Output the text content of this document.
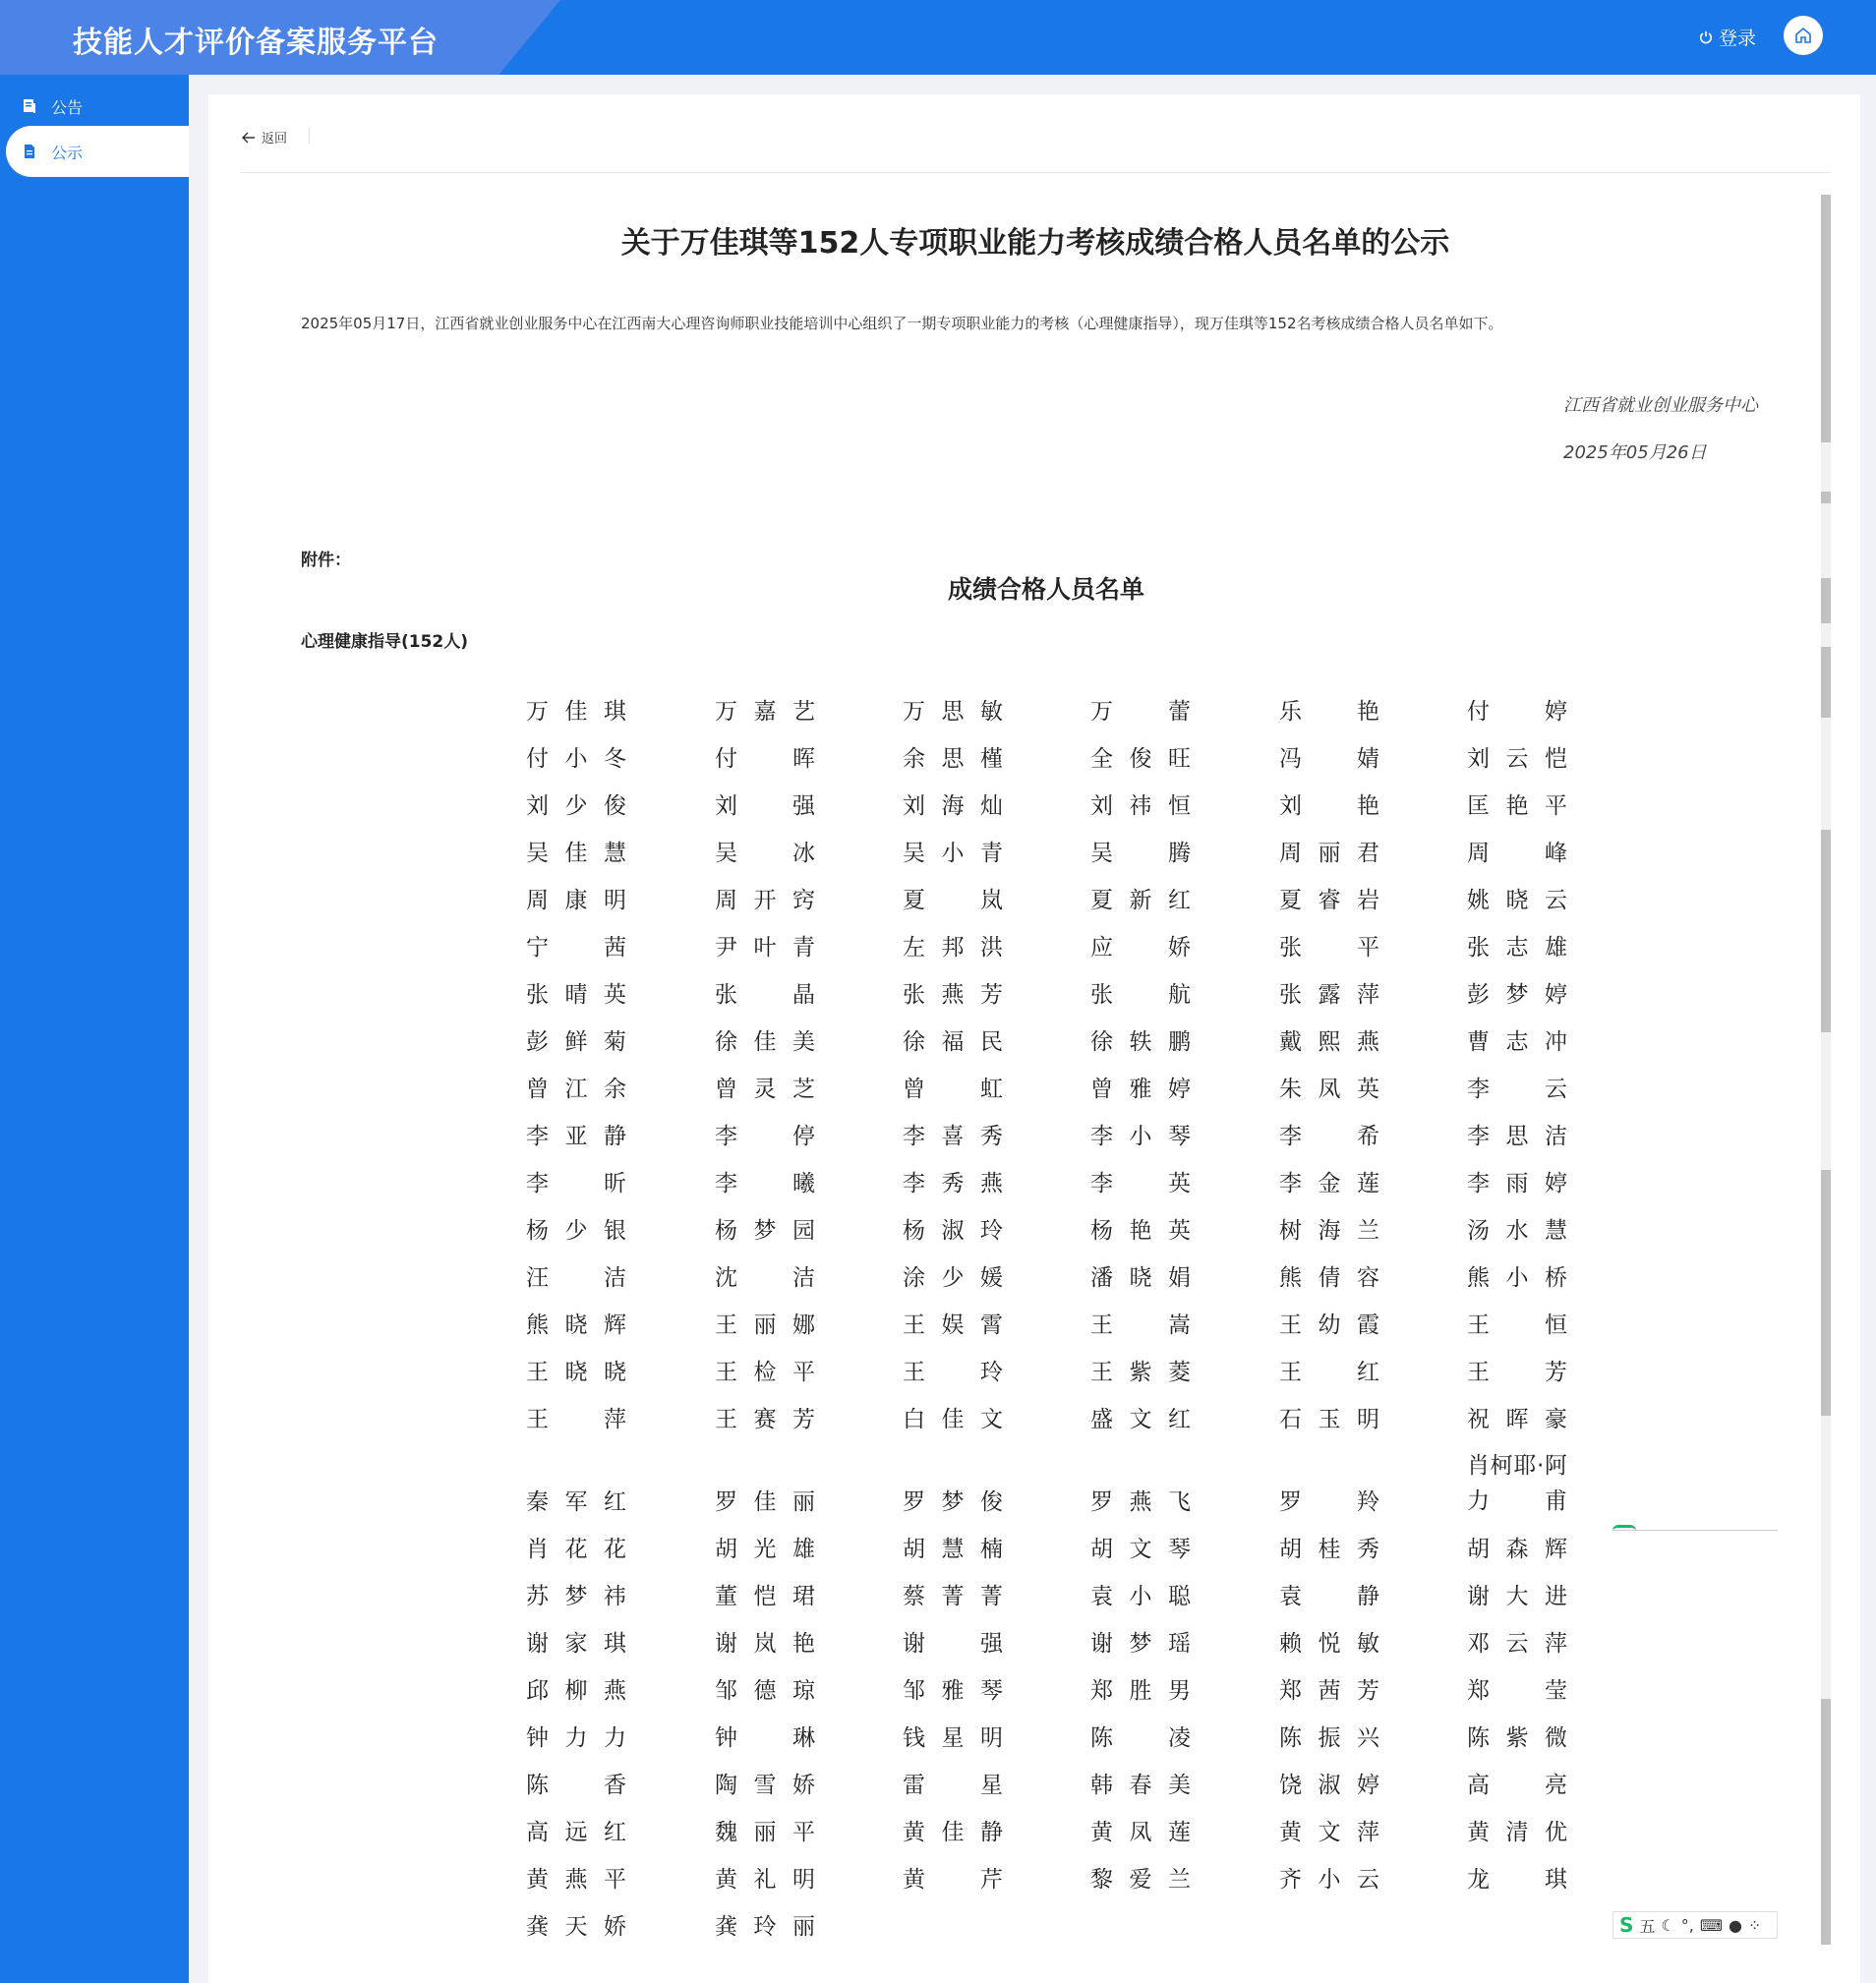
技能人才评价备案服务平台	登录
公告
公示
返回
关于万佳琪等152人专项职业能力考核成绩合格人员名单的公示
2025年05月17日，江西省就业创业服务中心在江西南大心理咨询师职业技能培训中心组织了一期专项职业能力的考核（心理健康指导），现万佳琪等152名考核成绩合格人员名单如下。
江西省就业创业服务中心
2025年05月26日
附件：
成绩合格人员名单
心理健康指导(152人)
万佳琪	万嘉艺	万思敏	万蕾	乐艳	付婷
付小冬	付晖	余思槿	全俊旺	冯婧	刘云恺
刘少俊	刘强	刘海灿	刘祎恒	刘艳	匡艳平
吴佳慧	吴冰	吴小青	吴腾	周丽君	周峰
周康明	周开窍	夏岚	夏新红	夏睿岩	姚晓云
宁茜	尹叶青	左邦洪	应娇	张平	张志雄
张晴英	张晶	张燕芳	张航	张露萍	彭梦婷
彭鲜菊	徐佳美	徐福民	徐轶鹏	戴熙燕	曹志冲
曾江余	曾灵芝	曾虹	曾雅婷	朱凤英	李云
李亚静	李停	李喜秀	李小琴	李希	李思洁
李昕	李曦	李秀燕	李英	李金莲	李雨婷
杨少银	杨梦园	杨淑玲	杨艳英	树海兰	汤水慧
汪洁	沈洁	涂少媛	潘晓娟	熊倩容	熊小桥
熊晓辉	王丽娜	王娱霄	王嵩	王幼霞	王恒
王晓晓	王检平	王玲	王紫菱	王红	王芳
王萍	王赛芳	白佳文	盛文红	石玉明	祝晖豪
秦军红	罗佳丽	罗梦俊	罗燕飞	罗羚
肖柯耶·阿力甫
肖花花	胡光雄	胡慧楠	胡文琴	胡桂秀	胡森辉
苏梦祎	董恺珺	蔡菁菁	袁小聪	袁静	谢大进
谢家琪	谢岚艳	谢强	谢梦瑶	赖悦敏	邓云萍
邱柳燕	邹德琼	邹雅琴	郑胜男	郑茜芳	郑莹
钟力力	钟琳	钱星明	陈凌	陈振兴	陈紫微
陈香	陶雪娇	雷星	韩春美	饶淑婷	高亮
高远红	魏丽平	黄佳静	黄凤莲	黄文萍	黄清优
黄燕平	黄礼明	黄芹	黎爱兰	齐小云	龙琪
龚天娇	龚玲丽	S 五 ☾ °, ⌨ ● ⁘
